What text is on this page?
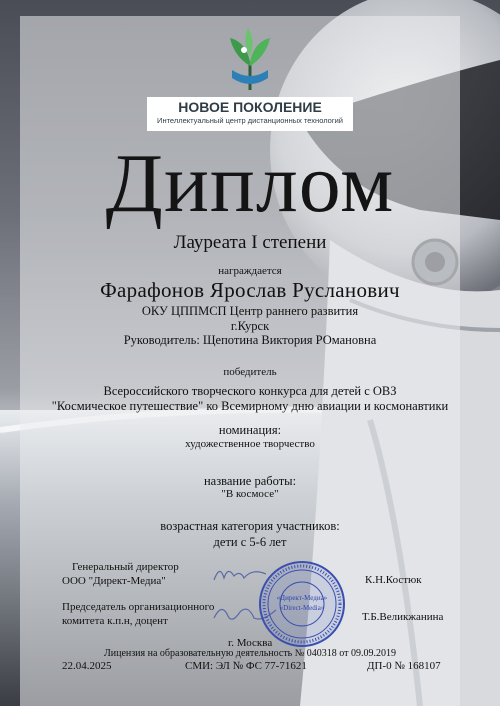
НОВОЕ ПОКОЛЕНИЕ
Интеллектуальный центр дистанционных технологий
Диплом
Лауреата I степени
награждается
Фарафонов Ярослав Русланович
ОКУ ЦППМСП Центр раннего развития
г.Курск
Руководитель: Щепотина Виктория РОмановна
победитель
Всероссийского творческого конкурса для детей с ОВЗ
"Космическое путешествие" ко Всемирному дню авиации и космонавтики
номинация:
художественное творчество
название работы:
"В космосе"
возрастная категория участников:
дети с 5-6 лет
Генеральный директор
ООО "Директ-Медиа"	К.Н.Костюк
Председатель организационного
комитета к.п.н, доцент	Т.Б.Великжанина
«Директ-Медиа»
«Direct-Media»
г. Москва
Лицензия на образовательную деятельность № 040318 от 09.09.2019
22.04.2025	СМИ: ЭЛ № ФС 77-71621	ДП-0 № 168107
